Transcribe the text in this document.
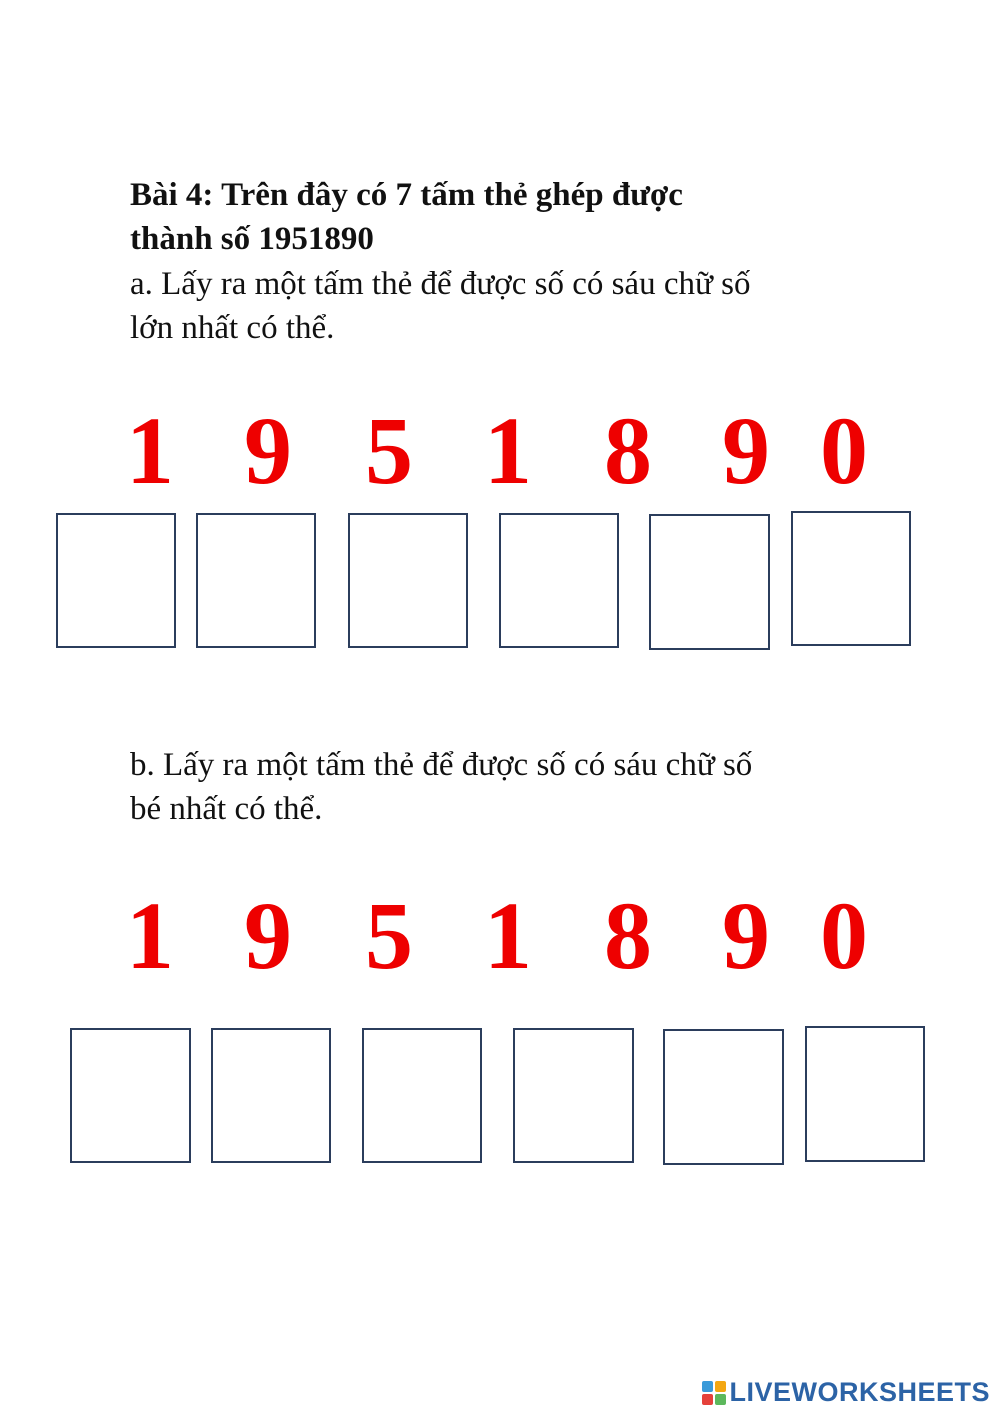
Bài 4: Trên đây có 7 tấm thẻ ghép được
thành số 1951890
a. Lấy ra một tấm thẻ để được số có sáu chữ số
lớn nhất có thể.
1 9 5 1 8 9 0
b. Lấy ra một tấm thẻ để được số có sáu chữ số
bé nhất có thể.
1 9 5 1 8 9 0
LIVEWORKSHEETS
